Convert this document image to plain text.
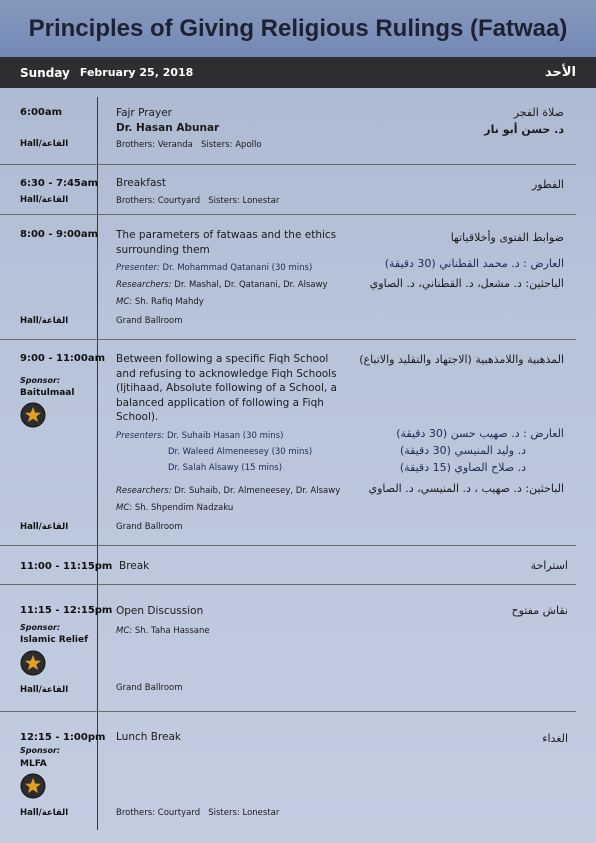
Principles of Giving Religious Rulings (Fatwaa)
Sunday February 25, 2018	الأحد
6:00am
Hall/القاعة
Fajr Prayer
Dr. Hasan Abunar
Brothers: Veranda Sisters: Apollo
صلاة الفجر
د. حسن أبو نار
6:30 - 7:45am
Hall/القاعة
Breakfast
Brothers: Courtyard Sisters: Lonestar
الفطور
8:00 - 9:00am
Hall/القاعة
The parameters of fatwaas and the ethics
surrounding them
Presenter: Dr. Mohammad Qatanani (30 mins)
Researchers: Dr. Mashal, Dr. Qatanani, Dr. Alsawy
MC: Sh. Rafiq Mahdy
Grand Ballroom
ضوابط الفتوى وأخلاقياتها
العارض : د. محمد القطناني (30 دقيقة)
الباحثين: د. مشعل، د. القطناني، د. الصاوي
9:00 - 11:00am
Sponsor:
Baitulmaal
Hall/القاعة
Between following a specific Fiqh School
and refusing to acknowledge Fiqh Schools
(Ijtihaad, Absolute following of a School, a
balanced application of following a Fiqh
School).
Presenters: Dr. Suhaib Hasan (30 mins)
Dr. Waleed Almeneesey (30 mins)
Dr. Salah Alsawy (15 mins)
Researchers: Dr. Suhaib, Dr. Almeneesey, Dr. Alsawy
MC: Sh. Shpendim Nadzaku
Grand Ballroom
المذهبية واللامذهبية (الاجتهاد والتقليد والاتباع)
العارض : د. صهيب حسن (30 دقيقة)
د. وليد المنيسي (30 دقيقة)
د. صلاح الصاوي (15 دقيقة)
الباحثين: د. صهيب ، د. المنيسي، د. الصاوي
11:00 - 11:15pm Break	استراحة
11:15 - 12:15pm
Sponsor:
Islamic Relief
Hall/القاعة
Open Discussion
MC: Sh. Taha Hassane
Grand Ballroom
نقاش مفتوح
12:15 - 1:00pm
Sponsor:
MLFA
Hall/القاعة
Lunch Break
Brothers: Courtyard Sisters: Lonestar
الغداء
